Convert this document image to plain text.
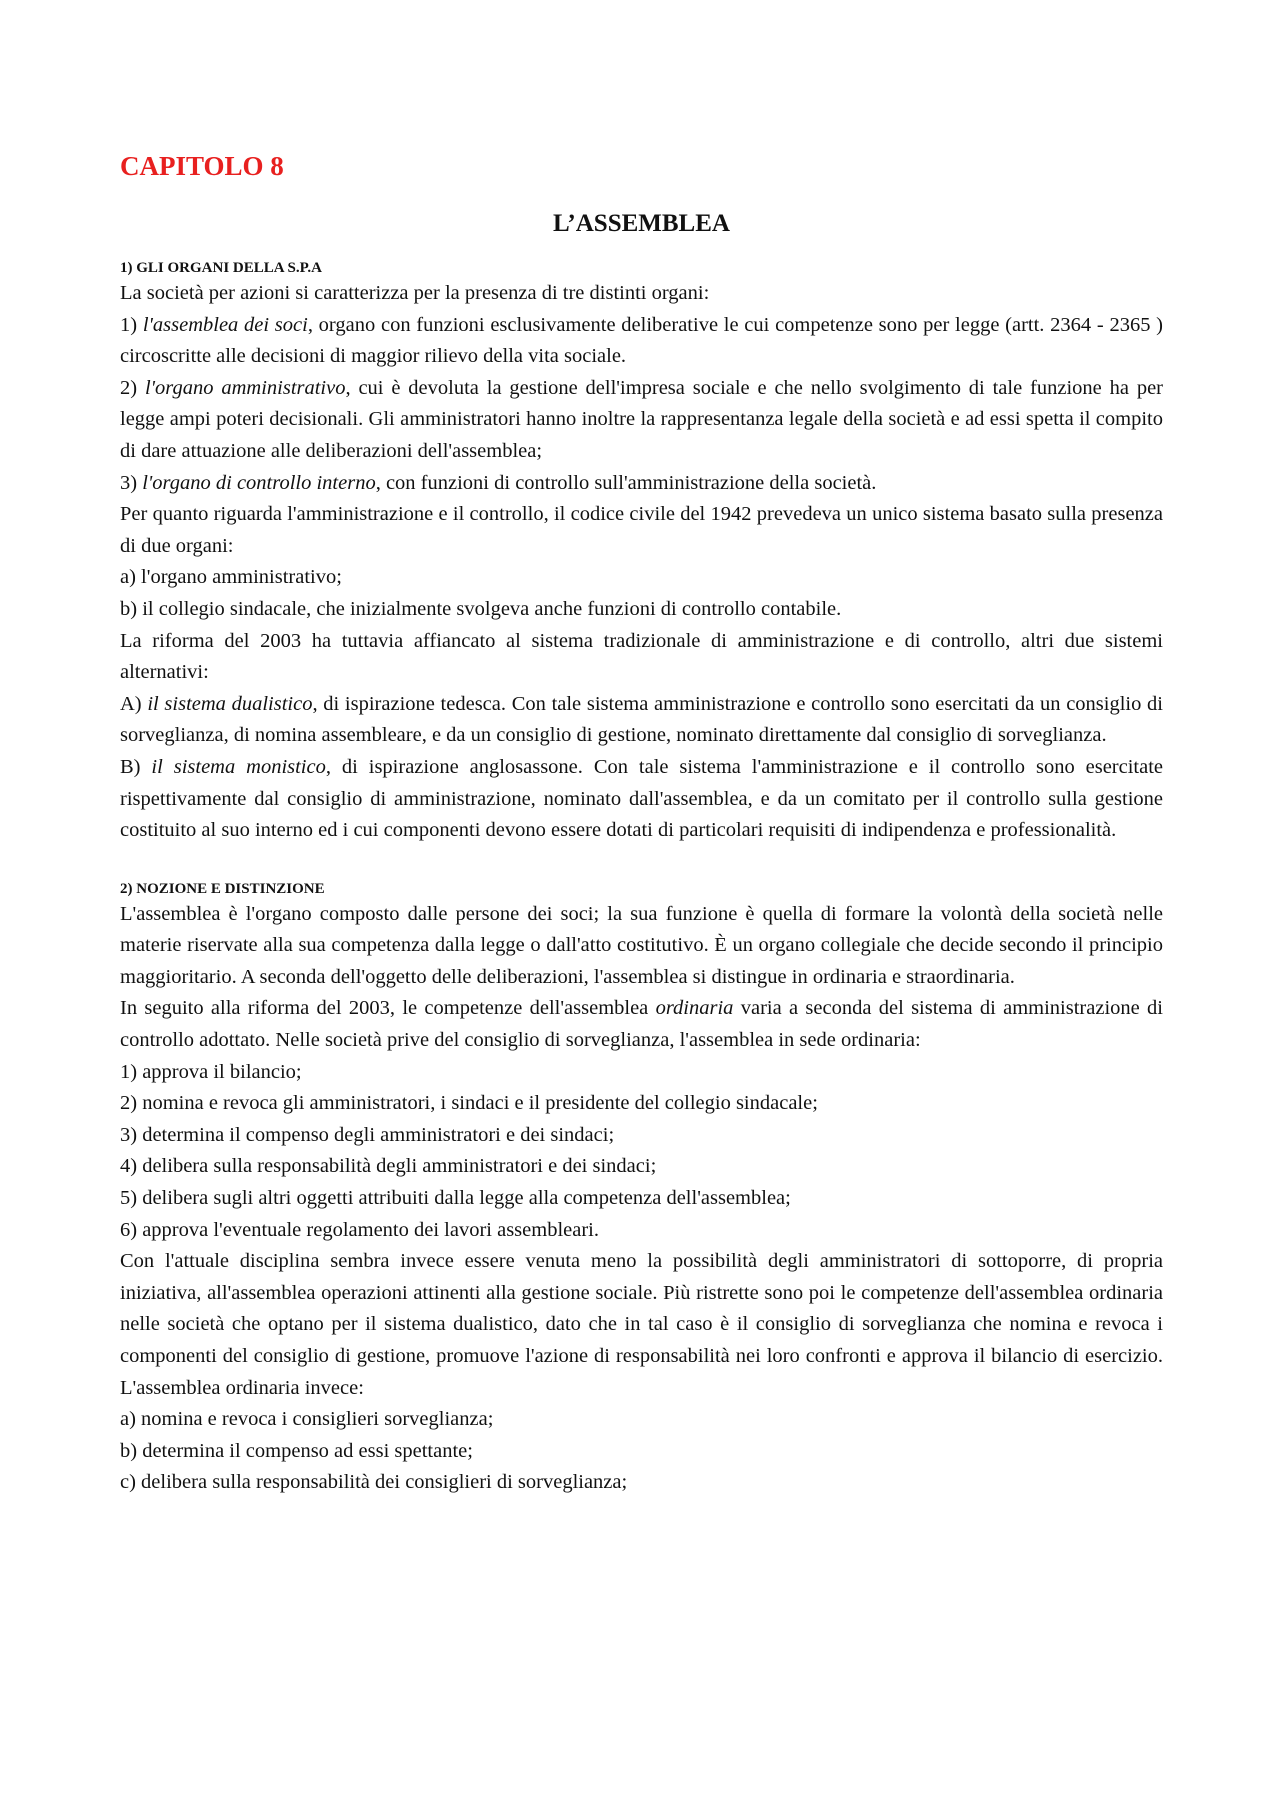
CAPITOLO 8
L’ASSEMBLEA
1) GLI ORGANI DELLA S.P.A

La società per azioni si caratterizza per la presenza di tre distinti organi:

1) l'assemblea dei soci, organo con funzioni esclusivamente deliberative le cui competenze sono per legge (artt. 2364 - 2365 ) circoscritte alle decisioni di maggior rilievo della vita sociale.

2) l'organo amministrativo, cui è devoluta la gestione dell'impresa sociale e che nello svolgimento di tale funzione ha per legge ampi poteri decisionali. Gli amministratori hanno inoltre la rappresentanza legale della società e ad essi spetta il compito di dare attuazione alle deliberazioni dell'assemblea;

3) l'organo di controllo interno, con funzioni di controllo sull'amministrazione della società.

Per quanto riguarda l'amministrazione e il controllo, il codice civile del 1942 prevedeva un unico sistema basato sulla presenza di due organi:

a) l'organo amministrativo;

b) il collegio sindacale, che inizialmente svolgeva anche funzioni di controllo contabile.

La riforma del 2003 ha tuttavia affiancato al sistema tradizionale di amministrazione e di controllo, altri due sistemi alternativi:

A) il sistema dualistico, di ispirazione tedesca. Con tale sistema amministrazione e controllo sono esercitati da un consiglio di sorveglianza, di nomina assembleare, e da un consiglio di gestione, nominato direttamente dal consiglio di sorveglianza.

B) il sistema monistico, di ispirazione anglosassone. Con tale sistema l'amministrazione e il controllo sono esercitate rispettivamente dal consiglio di amministrazione, nominato dall'assemblea, e da un comitato per il controllo sulla gestione costituito al suo interno ed i cui componenti devono essere dotati di particolari requisiti di indipendenza e professionalità.

2) NOZIONE E DISTINZIONE

L'assemblea è l'organo composto dalle persone dei soci; la sua funzione è quella di formare la volontà della società nelle materie riservate alla sua competenza dalla legge o dall'atto costitutivo. È un organo collegiale che decide secondo il principio maggioritario. A seconda dell'oggetto delle deliberazioni, l'assemblea si distingue in ordinaria e straordinaria.

In seguito alla riforma del 2003, le competenze dell'assemblea ordinaria varia a seconda del sistema di amministrazione di controllo adottato. Nelle società prive del consiglio di sorveglianza, l'assemblea in sede ordinaria:

1) approva il bilancio;

2) nomina e revoca gli amministratori, i sindaci e il presidente del collegio sindacale;

3) determina il compenso degli amministratori e dei sindaci;

4) delibera sulla responsabilità degli amministratori e dei sindaci;

5) delibera sugli altri oggetti attribuiti dalla legge alla competenza dell'assemblea;

6) approva l'eventuale regolamento dei lavori assembleari.

Con l'attuale disciplina sembra invece essere venuta meno la possibilità degli amministratori di sottoporre, di propria iniziativa, all'assemblea operazioni attinenti alla gestione sociale. Più ristrette sono poi le competenze dell'assemblea ordinaria nelle società che optano per il sistema dualistico, dato che in tal caso è il consiglio di sorveglianza che nomina e revoca i componenti del consiglio di gestione, promuove l'azione di responsabilità nei loro confronti e approva il bilancio di esercizio. L'assemblea ordinaria invece:

a) nomina e revoca i consiglieri sorveglianza;

b) determina il compenso ad essi spettante;

c) delibera sulla responsabilità dei consiglieri di sorveglianza;
